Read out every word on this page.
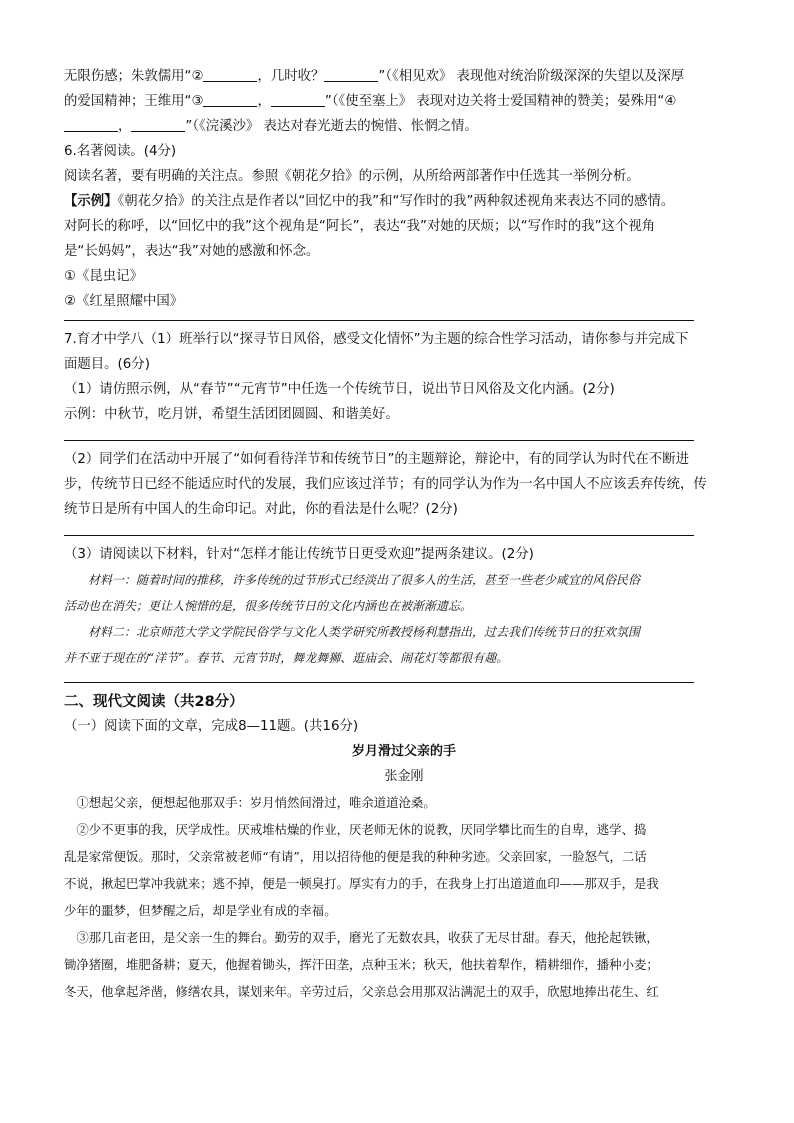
无限伤感；朱敦儒用“②	，几时收？	”（《相见欢》 表现他对统治阶级深深的失望以及深厚

的爱国精神；王维用“③	，	”（《使至塞上》 表现对边关将士爱国精神的赞美；晏殊用“④

，	”（《浣溪沙》 表达对春光逝去的惋惜、怅惘之情。

6.名著阅读。(4分)

阅读名著，要有明确的关注点。参照《朝花夕拾》的示例，从所给两部著作中任选其一举例分析。

【示例】《朝花夕拾》的关注点是作者以“回忆中的我”和“写作时的我”两种叙述视角来表达不同的感情。

对阿长的称呼，以“回忆中的我”这个视角是“阿长”，表达“我”对她的厌烦；以“写作时的我”这个视角

是“长妈妈”，表达“我”对她的感激和怀念。

①《昆虫记》

②《红星照耀中国》

7.育才中学八（1）班举行以“探寻节日风俗，感受文化情怀”为主题的综合性学习活动，请你参与并完成下

面题目。(6分)

（1）请仿照示例，从“春节”“元宵节”中任选一个传统节日，说出节日风俗及文化内涵。(2分)

示例：中秋节，吃月饼，希望生活团团圆圆、和谐美好。

（2）同学们在活动中开展了“如何看待洋节和传统节日”的主题辩论，辩论中，有的同学认为时代在不断进

步，传统节日已经不能适应时代的发展，我们应该过洋节；有的同学认为作为一名中国人不应该丢弃传统，传

统节日是所有中国人的生命印记。对此，你的看法是什么呢？(2分)

（3）请阅读以下材料，针对“怎样才能让传统节日更受欢迎”提两条建议。(2分)

材料一：随着时间的推移，许多传统的过节形式已经淡出了很多人的生活，甚至一些老少咸宜的风俗民俗

活动也在消失；更让人惋惜的是，很多传统节日的文化内涵也在被渐渐遗忘。

材料二：北京师范大学文学院民俗学与文化人类学研究所教授杨利慧指出，过去我们传统节日的狂欢氛围

并不亚于现在的“洋节”。春节、元宵节时，舞龙舞狮、逛庙会、闹花灯等都很有趣。

二、现代文阅读（共28分）

（一）阅读下面的文章，完成8—11题。(共16分)

岁月滑过父亲的手

张金刚

①想起父亲，便想起他那双手：岁月悄然间滑过，唯余道道沧桑。

②少不更事的我，厌学成性。厌戒堆枯燥的作业，厌老师无休的说教，厌同学攀比而生的自卑，逃学、捣

乱是家常便饭。那时，父亲常被老师“有请”，用以招待他的便是我的种种劣迹。父亲回家，一脸怒气，二话

不说，揪起巴掌冲我就来；逃不掉，便是一顿臭打。厚实有力的手，在我身上打出道道血印——那双手，是我

少年的噩梦，但梦醒之后，却是学业有成的幸福。

③那几亩老田，是父亲一生的舞台。勤劳的双手，磨光了无数农具，收获了无尽甘甜。春天，他抡起铁锹，

锄净猪圈，堆肥备耕；夏天，他握着锄头，挥汗田垄，点种玉米；秋天，他扶着犁作，精耕细作，播种小麦；

冬天，他拿起斧凿，修缮农具，谋划来年。辛劳过后，父亲总会用那双沾满泥土的双手，欣慰地捧出花生、红
